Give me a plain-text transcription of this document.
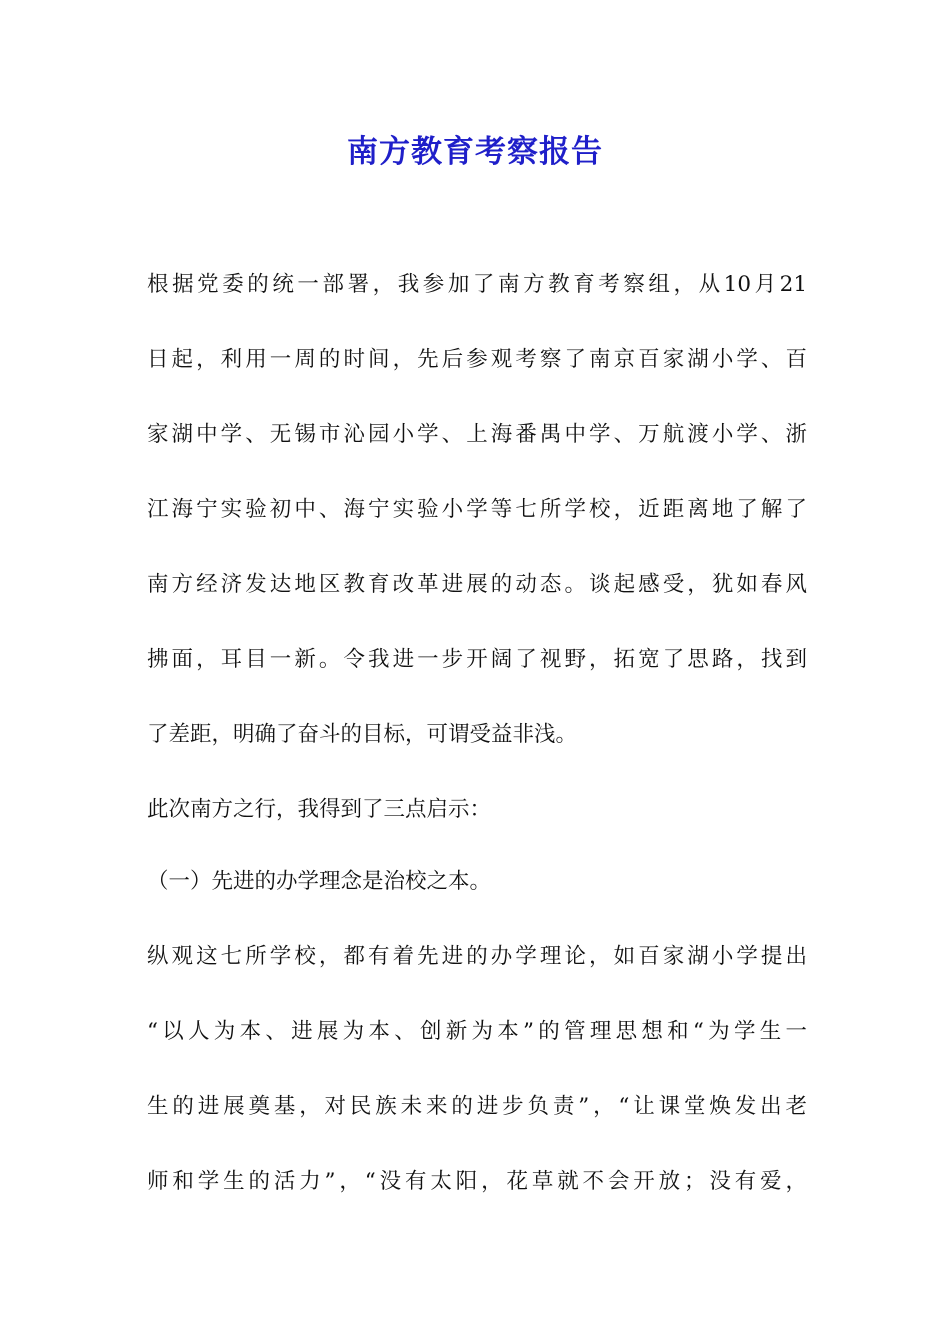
南方教育考察报告

根据党委的统一部署，我参加了南方教育考察组，从10月21

日起，利用一周的时间，先后参观考察了南京百家湖小学、百

家湖中学、无锡市沁园小学、上海番禺中学、万航渡小学、浙

江海宁实验初中、海宁实验小学等七所学校，近距离地了解了

南方经济发达地区教育改革进展的动态。谈起感受，犹如春风

拂面，耳目一新。令我进一步开阔了视野，拓宽了思路，找到

了差距，明确了奋斗的目标，可谓受益非浅。

此次南方之行，我得到了三点启示：

（一）先进的办学理念是治校之本。

纵观这七所学校，都有着先进的办学理论，如百家湖小学提出

“以人为本、进展为本、创新为本”的管理思想和“为学生一

生的进展奠基，对民族未来的进步负责”，“让课堂焕发出老

师和学生的活力”，“没有太阳，花草就不会开放；没有爱，
